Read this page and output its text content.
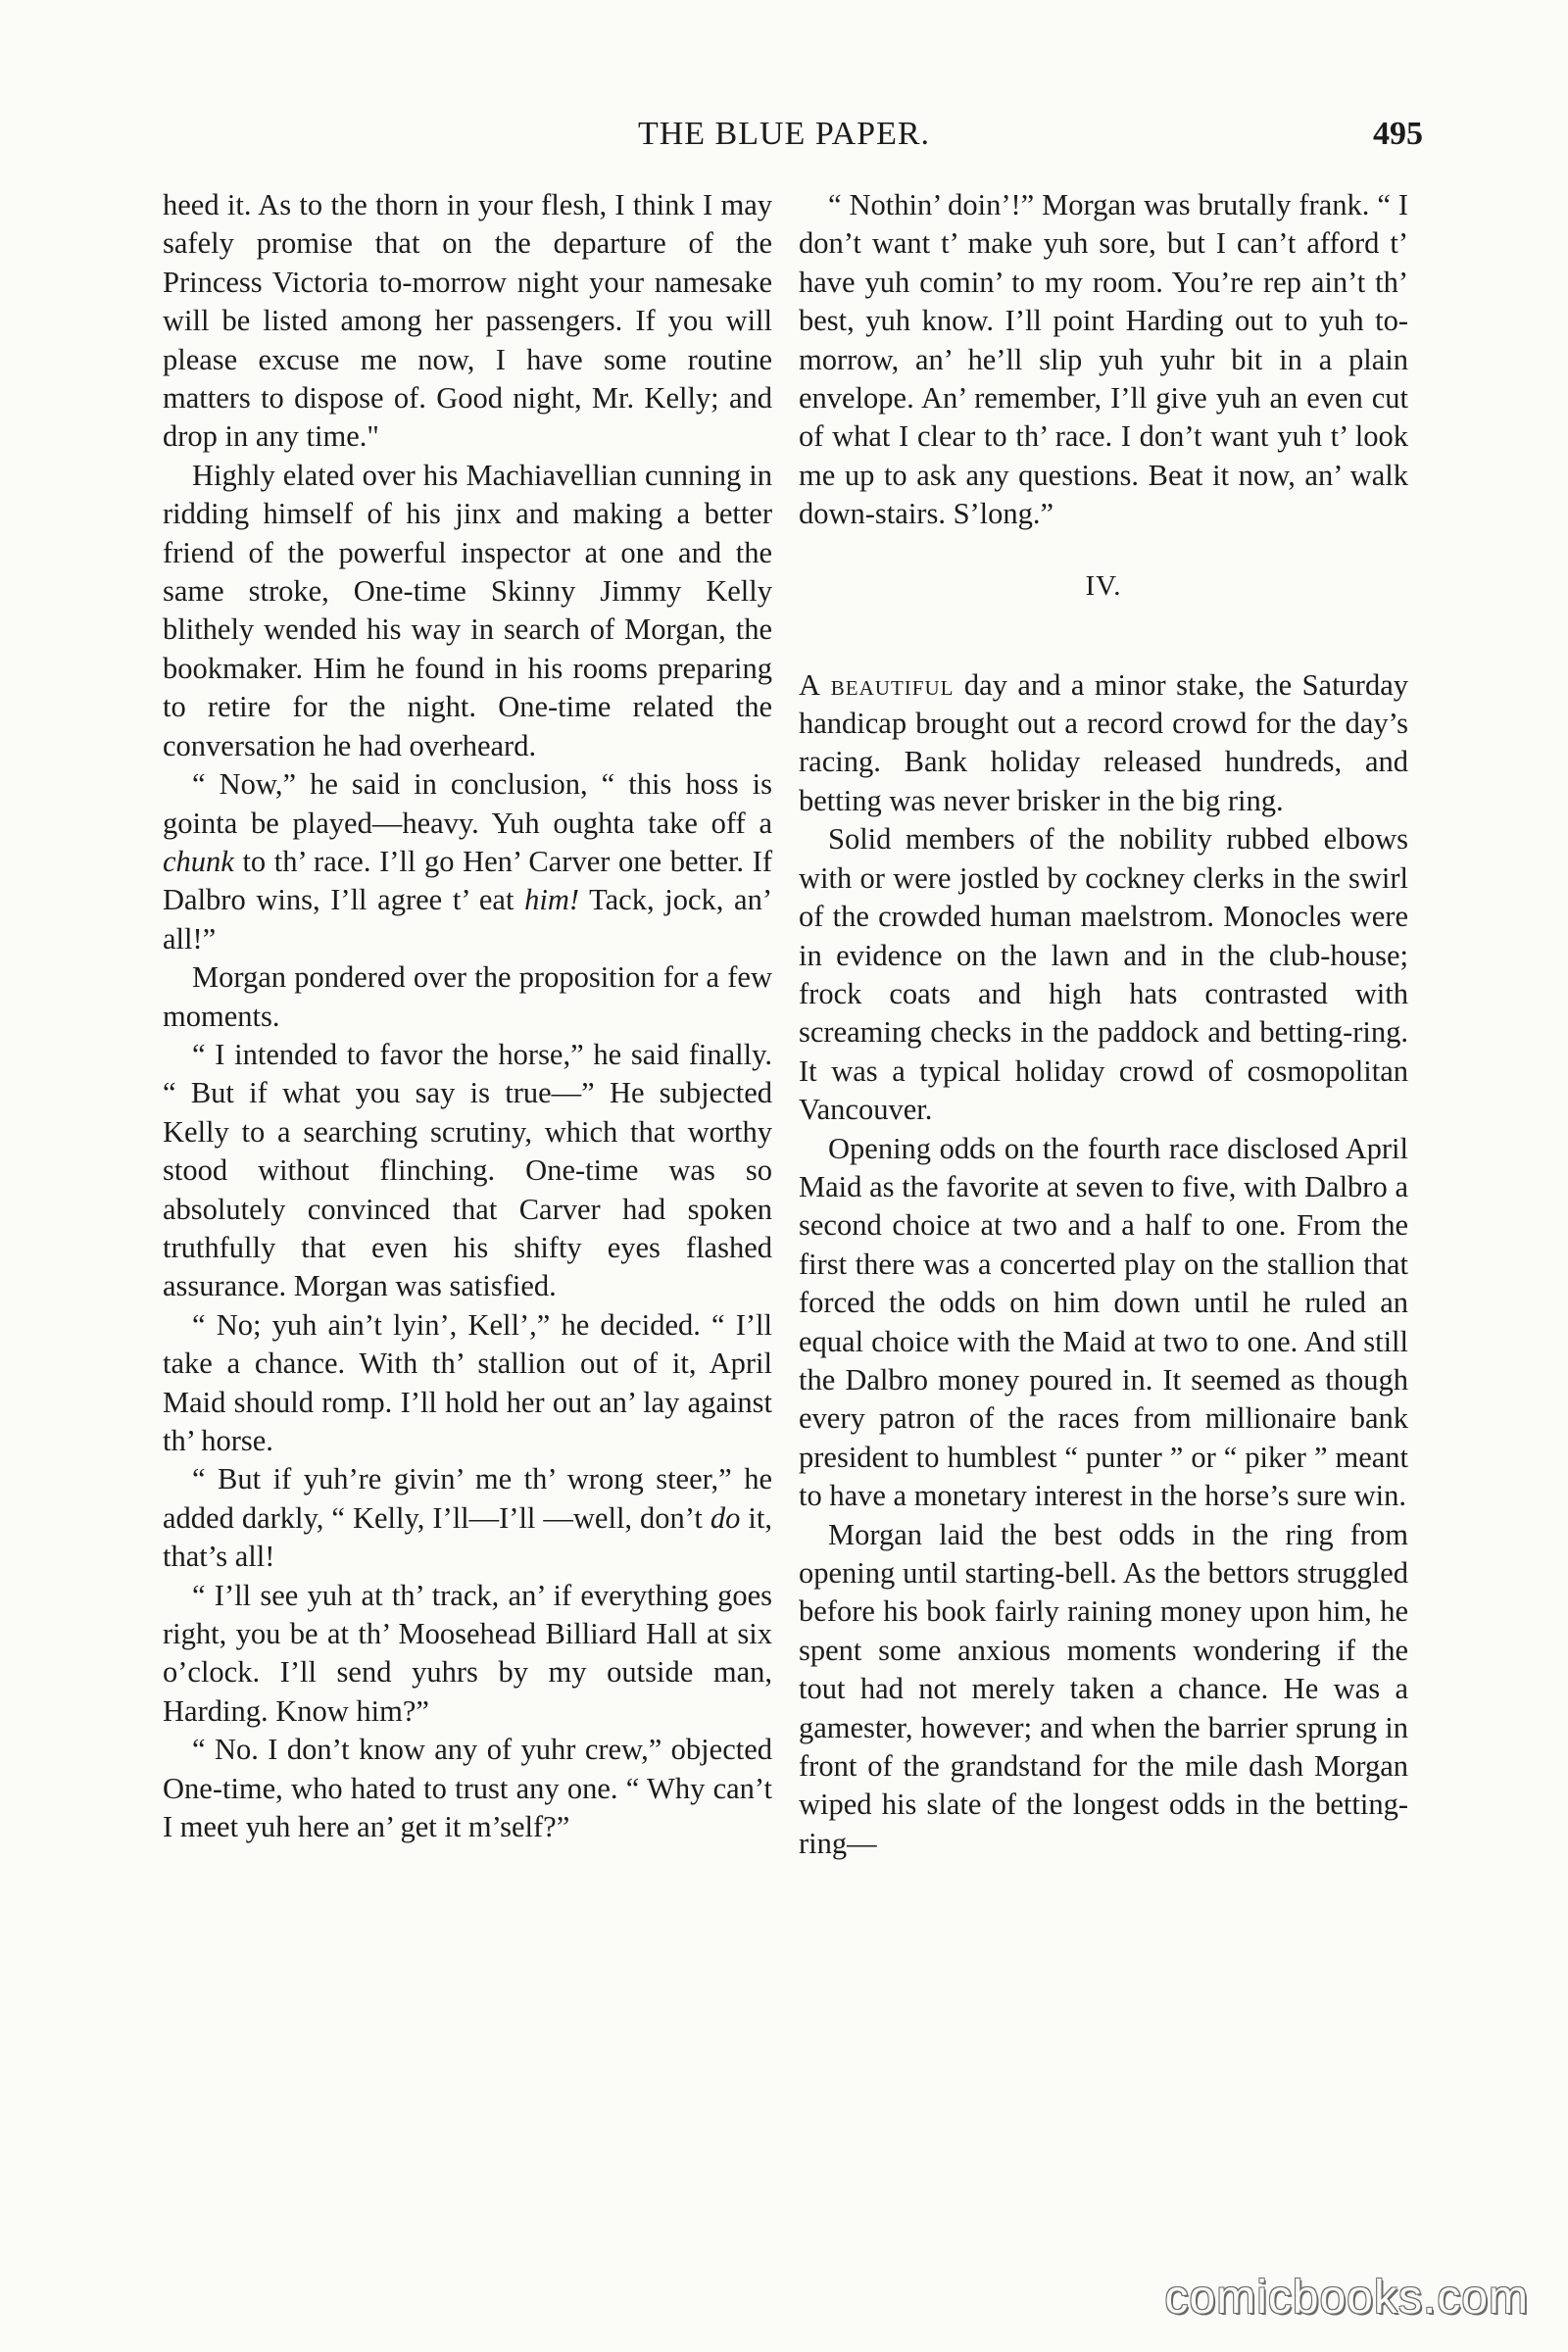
THE BLUE PAPER.	495

heed it. As to the thorn in your flesh, I think I may safely promise that on the departure of the Princess Victoria to-morrow night your namesake will be listed among her passengers. If you will please excuse me now, I have some routine matters to dispose of. Good night, Mr. Kelly; and drop in any time."

Highly elated over his Machiavellian cunning in ridding himself of his jinx and making a better friend of the powerful inspector at one and the same stroke, One-time Skinny Jimmy Kelly blithely wended his way in search of Morgan, the bookmaker. Him he found in his rooms preparing to retire for the night. One-time related the conversation he had overheard.

“ Now,” he said in conclusion, “ this hoss is gointa be played—heavy. Yuh oughta take off a chunk to th’ race. I’ll go Hen’ Carver one better. If Dalbro wins, I’ll agree t’ eat him! Tack, jock, an’ all!”

Morgan pondered over the proposition for a few moments.

“ I intended to favor the horse,” he said finally. “ But if what you say is true—” He subjected Kelly to a searching scrutiny, which that worthy stood without flinching. One-time was so absolutely convinced that Carver had spoken truthfully that even his shifty eyes flashed assurance. Morgan was satisfied.

“ No; yuh ain’t lyin’, Kell’,” he decided. “ I’ll take a chance. With th’ stallion out of it, April Maid should romp. I’ll hold her out an’ lay against th’ horse.

“ But if yuh’re givin’ me th’ wrong steer,” he added darkly, “ Kelly, I’ll—I’ll —well, don’t do it, that’s all!

“ I’ll see yuh at th’ track, an’ if everything goes right, you be at th’ Moosehead Billiard Hall at six o’clock. I’ll send yuhrs by my outside man, Harding. Know him?”

“ No. I don’t know any of yuhr crew,” objected One-time, who hated to trust any one. “ Why can’t I meet yuh here an’ get it m’self?”

“ Nothin’ doin’!” Morgan was brutally frank. “ I don’t want t’ make yuh sore, but I can’t afford t’ have yuh comin’ to my room. You’re rep ain’t th’ best, yuh know. I’ll point Harding out to yuh to-morrow, an’ he’ll slip yuh yuhr bit in a plain envelope. An’ remember, I’ll give yuh an even cut of what I clear to th’ race. I don’t want yuh t’ look me up to ask any questions. Beat it now, an’ walk down-stairs. S’long.”

IV.

A beautiful day and a minor stake, the Saturday handicap brought out a record crowd for the day’s racing. Bank holiday released hundreds, and betting was never brisker in the big ring.

Solid members of the nobility rubbed elbows with or were jostled by cockney clerks in the swirl of the crowded human maelstrom. Monocles were in evidence on the lawn and in the club-house; frock coats and high hats contrasted with screaming checks in the paddock and betting-ring. It was a typical holiday crowd of cosmopolitan Vancouver.

Opening odds on the fourth race disclosed April Maid as the favorite at seven to five, with Dalbro a second choice at two and a half to one. From the first there was a concerted play on the stallion that forced the odds on him down until he ruled an equal choice with the Maid at two to one. And still the Dalbro money poured in. It seemed as though every patron of the races from millionaire bank president to humblest “ punter ” or “ piker ” meant to have a monetary interest in the horse’s sure win.

Morgan laid the best odds in the ring from opening until starting-bell. As the bettors struggled before his book fairly raining money upon him, he spent some anxious moments wondering if the tout had not merely taken a chance. He was a gamester, however; and when the barrier sprung in front of the grandstand for the mile dash Morgan wiped his slate of the longest odds in the betting-ring—

comicbooks.com
